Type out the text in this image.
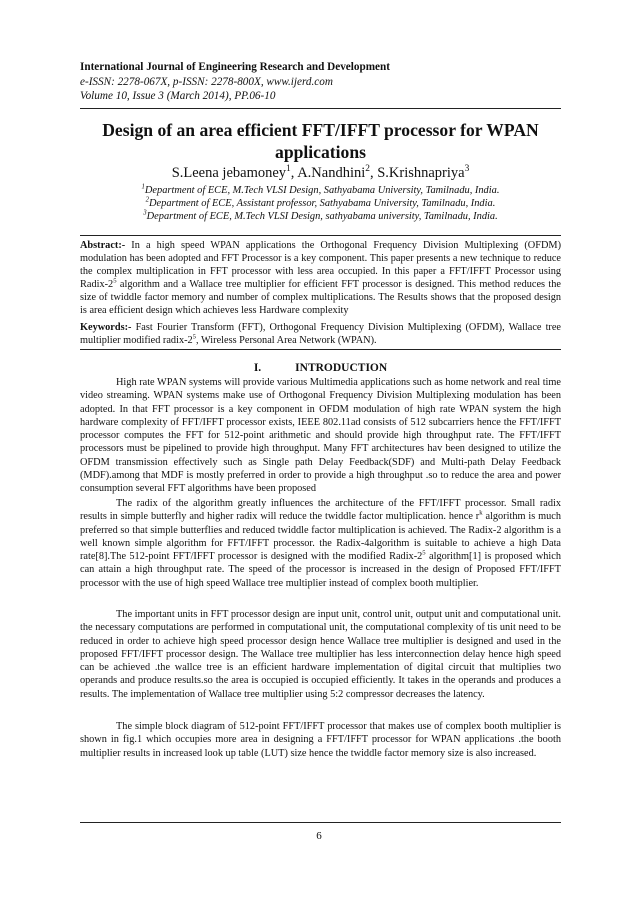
International Journal of Engineering Research and Development
e-ISSN: 2278-067X, p-ISSN: 2278-800X, www.ijerd.com
Volume 10, Issue 3 (March 2014), PP.06-10
Design of an area efficient FFT/IFFT processor for WPAN applications
S.Leena jebamoney$^1$, A.Nandhini$^2$, S.Krishnapriya$^3$
$^1$Department of ECE, M.Tech VLSI Design, Sathyabama University, Tamilnadu, India.
$^2$Department of ECE, Assistant professor, Sathyabama University, Tamilnadu, India.
$^3$Department of ECE, M.Tech VLSI Design, sathyabama university, Tamilnadu, India.
Abstract:- In a high speed WPAN applications the Orthogonal Frequency Division Multiplexing (OFDM) modulation has been adopted and FFT Processor is a key component. This paper presents a new technique to reduce the complex multiplication in FFT processor with less area occupied. In this paper a FFT/IFFT Processor using Radix-$2^5$ algorithm and a Wallace tree multiplier for efficient FFT processor is designed. This method reduces the size of twiddle factor memory and number of complex multiplications. The Results shows that the proposed design is area efficient design which achieves less Hardware complexity
Keywords:- Fast Fourier Transform (FFT), Orthogonal Frequency Division Multiplexing (OFDM), Wallace tree multiplier modified radix-$2^5$, Wireless Personal Area Network (WPAN).
I.	INTRODUCTION
High rate WPAN systems will provide various Multimedia applications such as home network and real time video streaming. WPAN systems make use of Orthogonal Frequency Division Multiplexing modulation has been adopted. In that FFT processor is a key component in OFDM modulation of high rate WPAN system the high hardware complexity of FFT/IFFT processor exists, IEEE 802.11ad consists of 512 subcarriers hence the FFT/IFFT processor computes the FFT for 512-point arithmetic and should provide high throughput rate. The FFT/IFFT processors must be pipelined to provide high throughput. Many FFT architectures hav been designed to utilize the OFDM transmission effectively such as Single path Delay Feedback(SDF) and Multi-path Delay Feedback (MDF).among that MDF is mostly preferred in order to provide a high throughput .so to reduce the area and power consumption several FFT algorithms have been proposed
The radix of the algorithm greatly influences the architecture of the FFT/IFFT processor. Small radix results in simple butterfly and higher radix will reduce the twiddle factor multiplication. hence $r^k$ algorithm is much preferred so that simple butterflies and reduced twiddle factor multiplication is achieved. The Radix-2 algorithm is a well known simple algorithm for FFT/IFFT processor. the Radix-4algorithm is suitable to achieve a high Data rate[8].The 512-point FFT/IFFT processor is designed with the modified Radix-$2^5$ algorithm[1] is proposed which can attain a high throughput rate. The speed of the processor is increased in the design of Proposed FFT/IFFT processor with the use of high speed Wallace tree multiplier instead of complex booth multiplier.
The important units in FFT processor design are input unit, control unit, output unit and computational unit. the necessary computations are performed in computational unit, the computational complexity of tis unit need to be reduced in order to achieve high speed processor design hence Wallace tree multiplier is designed and used in the proposed FFT/IFFT processor design. The Wallace tree multiplier has less interconnection delay hence high speed can be achieved .the wallce tree is an efficient hardware implementation of digital circuit that multiplies two operands and produce results.so the area is occupied is occupied efficiently. It takes in the operands and produces a results. The implementation of Wallace tree multiplier using 5:2 compressor decreases the latency.
The simple block diagram of 512-point FFT/IFFT processor that makes use of complex booth multiplier is shown in fig.1 which occupies more area in designing a FFT/IFFT processor for WPAN applications .the booth multiplier results in increased look up table (LUT) size hence the twiddle factor memory size is also increased.
6
